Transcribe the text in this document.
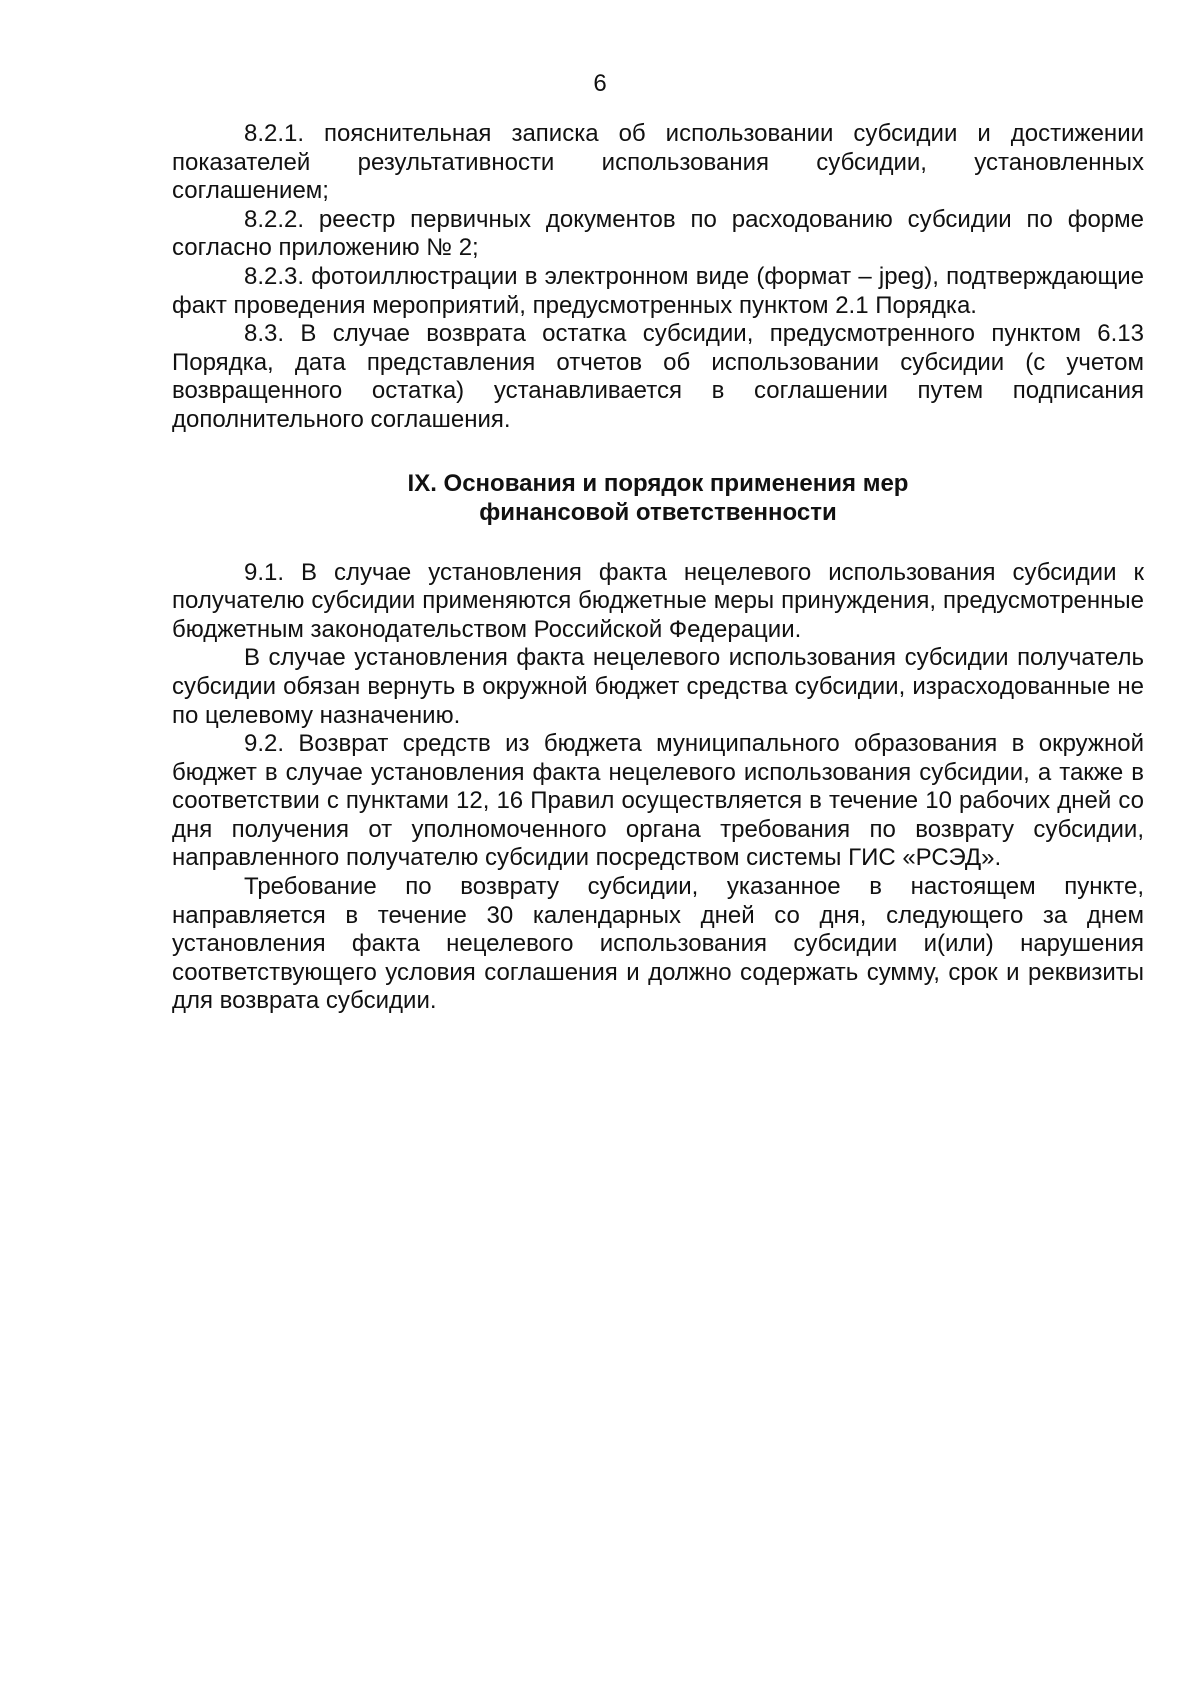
6

8.2.1. пояснительная записка об использовании субсидии и достижении показателей результативности использования субсидии, установленных соглашением;

8.2.2. реестр первичных документов по расходованию субсидии по форме согласно приложению № 2;

8.2.3. фотоиллюстрации в электронном виде (формат – jpeg), подтверждающие факт проведения мероприятий, предусмотренных пунктом 2.1 Порядка.

8.3. В случае возврата остатка субсидии, предусмотренного пунктом 6.13 Порядка, дата представления отчетов об использовании субсидии (с учетом возвращенного остатка) устанавливается в соглашении путем подписания дополнительного соглашения.

IX. Основания и порядок применения мер
финансовой ответственности

9.1. В случае установления факта нецелевого использования субсидии к получателю субсидии применяются бюджетные меры принуждения, предусмотренные бюджетным законодательством Российской Федерации.

В случае установления факта нецелевого использования субсидии получатель субсидии обязан вернуть в окружной бюджет средства субсидии, израсходованные не по целевому назначению.

9.2. Возврат средств из бюджета муниципального образования в окружной бюджет в случае установления факта нецелевого использования субсидии, а также в соответствии с пунктами 12, 16 Правил осуществляется в течение 10 рабочих дней со дня получения от уполномоченного органа требования по возврату субсидии, направленного получателю субсидии посредством системы ГИС «РСЭД».

Требование по возврату субсидии, указанное в настоящем пункте, направляется в течение 30 календарных дней со дня, следующего за днем установления факта нецелевого использования субсидии и(или) нарушения соответствующего условия соглашения и должно содержать сумму, срок и реквизиты для возврата субсидии.
